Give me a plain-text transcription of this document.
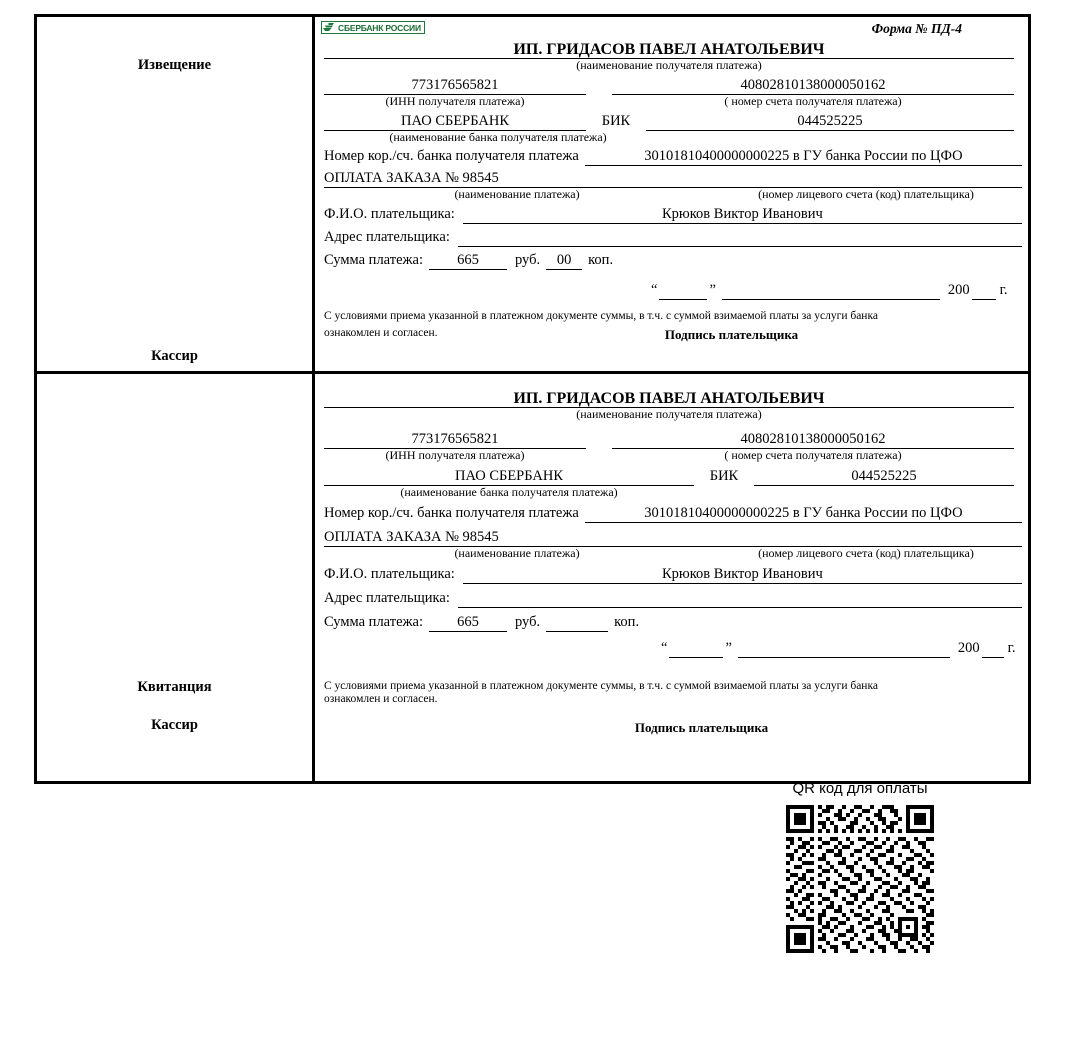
Извещение
Кассир
СБЕРБАНК РОССИИ	Форма № ПД-4
ИП. ГРИДАСОВ ПАВЕЛ АНАТОЛЬЕВИЧ
(наименование получателя платежа)
773176565821	40802810138000050162
(ИНН получателя платежа)	( номер счета получателя платежа)
ПАО СБЕРБАНК	БИК	044525225
(наименование банка получателя платежа)
Номер кор./сч. банка получателя платежа	30101810400000000225 в ГУ банка России по ЦФО
ОПЛАТА ЗАКАЗА № 98545
(наименование платежа)	(номер лицевого счета (код) плательщика)
Ф.И.О. плательщика:	Крюков Виктор Иванович
Адрес плательщика:
Сумма платежа:	665	руб.	00	коп.
“	”	200 г.
С условиями приема указанной в платежном документе суммы, в т.ч. с суммой взимаемой платы за услуги банка
ознакомлен и согласен.	Подпись плательщика
Квитанция
Кассир
ИП. ГРИДАСОВ ПАВЕЛ АНАТОЛЬЕВИЧ
(наименование получателя платежа)
773176565821	40802810138000050162
(ИНН получателя платежа)	( номер счета получателя платежа)
ПАО СБЕРБАНК	БИК	044525225
(наименование банка получателя платежа)
Номер кор./сч. банка получателя платежа	30101810400000000225 в ГУ банка России по ЦФО
ОПЛАТА ЗАКАЗА № 98545
(наименование платежа)	(номер лицевого счета (код) плательщика)
Ф.И.О. плательщика:	Крюков Виктор Иванович
Адрес плательщика:
Сумма платежа:	665	руб.	коп.
“	”	200 г.
С условиями приема указанной в платежном документе суммы, в т.ч. с суммой взимаемой платы за услуги банка
ознакомлен и согласен.
Подпись плательщика
QR код для оплаты
